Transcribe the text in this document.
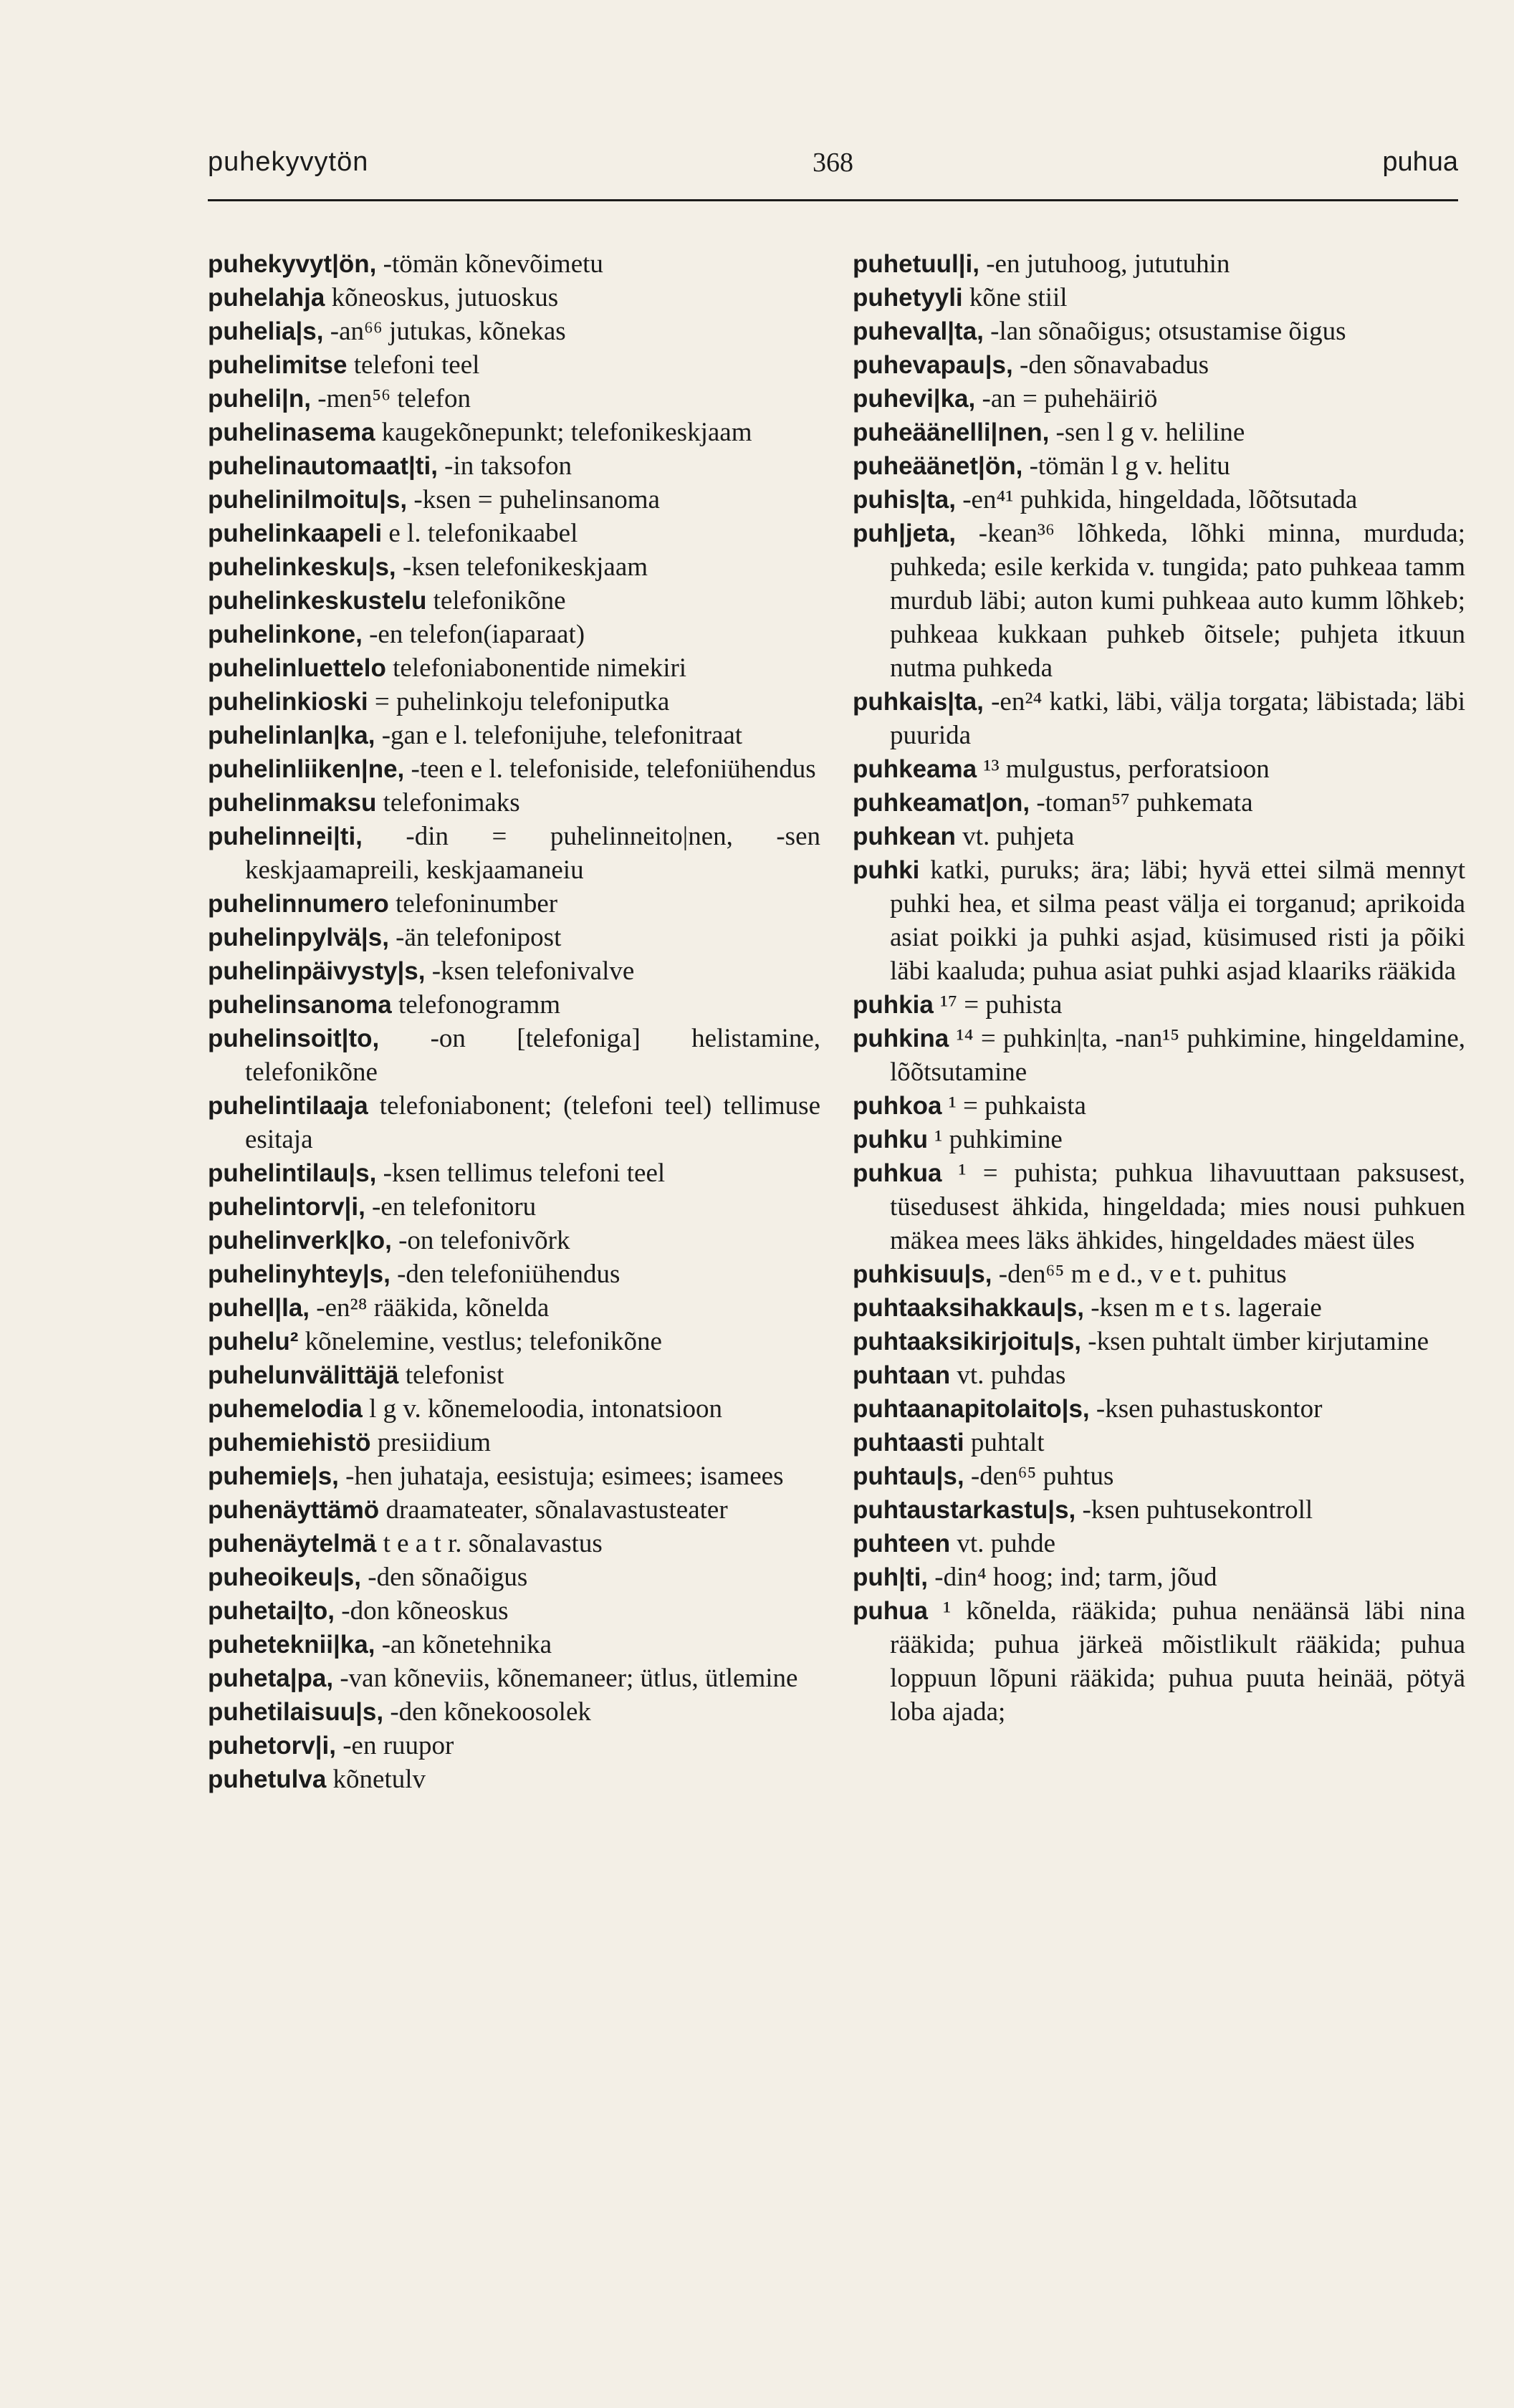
puhekyvytön	368	puhua

puhekyvyt|ön, -tömän kõnevõimetu

puhelahja kõneoskus, jutuoskus

puhelia|s, -an⁶⁶ jutukas, kõnekas

puhelimitse telefoni teel

puheli|n, -men⁵⁶ telefon

puhelinasema kaugekõnepunkt; telefonikeskjaam

puhelinautomaat|ti, -in taksofon

puhelinilmoitu|s, -ksen = puhelinsanoma

puhelinkaapeli e l. telefonikaabel

puhelinkesku|s, -ksen telefonikeskjaam

puhelinkeskustelu telefonikõne

puhelinkone, -en telefon(iaparaat)

puhelinluettelo telefoniabonentide nimekiri

puhelinkioski = puhelinkoju telefoniputka

puhelinlan|ka, -gan e l. telefonijuhe, telefonitraat

puhelinliiken|ne, -teen e l. telefoniside, telefoniühendus

puhelinmaksu telefonimaks

puhelinnei|ti, -din = puhelinneito|nen, -sen keskjaamapreili, keskjaamaneiu

puhelinnumero telefoninumber

puhelinpylvä|s, -än telefonipost

puhelinpäivysty|s, -ksen telefonivalve

puhelinsanoma telefonogramm

puhelinsoit|to, -on [telefoniga] helistamine, telefonikõne

puhelintilaaja telefoniabonent; (telefoni teel) tellimuse esitaja

puhelintilau|s, -ksen tellimus telefoni teel

puhelintorv|i, -en telefonitoru

puhelinverk|ko, -on telefonivõrk

puhelinyhtey|s, -den telefoniühendus

puhel|la, -en²⁸ rääkida, kõnelda

puhelu² kõnelemine, vestlus; telefonikõne

puhelunvälittäjä telefonist

puhemelodia l g v. kõnemeloodia, intonatsioon

puhemiehistö presiidium

puhemie|s, -hen juhataja, eesistuja; esimees; isamees

puhenäyttämö draamateater, sõnalavastusteater

puhenäytelmä t e a t r. sõnalavastus

puheoikeu|s, -den sõnaõigus

puhetai|to, -don kõneoskus

puheteknii|ka, -an kõnetehnika

puheta|pa, -van kõneviis, kõnemaneer; ütlus, ütlemine

puhetilaisuu|s, -den kõnekoosolek

puhetorv|i, -en ruupor

puhetulva kõnetulv

puhetuul|i, -en jutuhoog, jututuhin

puhetyyli kõne stiil

puheval|ta, -lan sõnaõigus; otsustamise õigus

puhevapau|s, -den sõnavabadus

puhevi|ka, -an = puhehäiriö

puheäänelli|nen, -sen l g v. heliline

puheäänet|ön, -tömän l g v. helitu

puhis|ta, -en⁴¹ puhkida, hingeldada, lõõtsutada

puh|jeta, -kean³⁶ lõhkeda, lõhki minna, murduda; puhkeda; esile kerkida v. tungida; pato puhkeaa tamm murdub läbi; auton kumi puhkeaa auto kumm lõhkeb; puhkeaa kukkaan puhkeb õitsele; puhjeta itkuun nutma puhkeda

puhkais|ta, -en²⁴ katki, läbi, välja torgata; läbistada; läbi puurida

puhkeama ¹³ mulgustus, perforatsioon

puhkeamat|on, -toman⁵⁷ puhkemata

puhkean vt. puhjeta

puhki katki, puruks; ära; läbi; hyvä ettei silmä mennyt puhki hea, et silma peast välja ei torganud; aprikoida asiat poikki ja puhki asjad, küsimused risti ja põiki läbi kaaluda; puhua asiat puhki asjad klaariks rääkida

puhkia ¹⁷ = puhista

puhkina ¹⁴ = puhkin|ta, -nan¹⁵ puhkimine, hingeldamine, lõõtsutamine

puhkoa ¹ = puhkaista

puhku ¹ puhkimine

puhkua ¹ = puhista; puhkua lihavuuttaan paksusest, tüsedusest ähkida, hingeldada; mies nousi puhkuen mäkea mees läks ähkides, hingeldades mäest üles

puhkisuu|s, -den⁶⁵ m e d., v e t. puhitus

puhtaaksihakkau|s, -ksen m e t s. lageraie

puhtaaksikirjoitu|s, -ksen puhtalt ümber kirjutamine

puhtaan vt. puhdas

puhtaanapitolaito|s, -ksen puhastuskontor

puhtaasti puhtalt

puhtau|s, -den⁶⁵ puhtus

puhtaustarkastu|s, -ksen puhtusekontroll

puhteen vt. puhde

puh|ti, -din⁴ hoog; ind; tarm, jõud

puhua ¹ kõnelda, rääkida; puhua nenäänsä läbi nina rääkida; puhua järkeä mõistlikult rääkida; puhua loppuun lõpuni rääkida; puhua puuta heinää, pötyä loba ajada;
